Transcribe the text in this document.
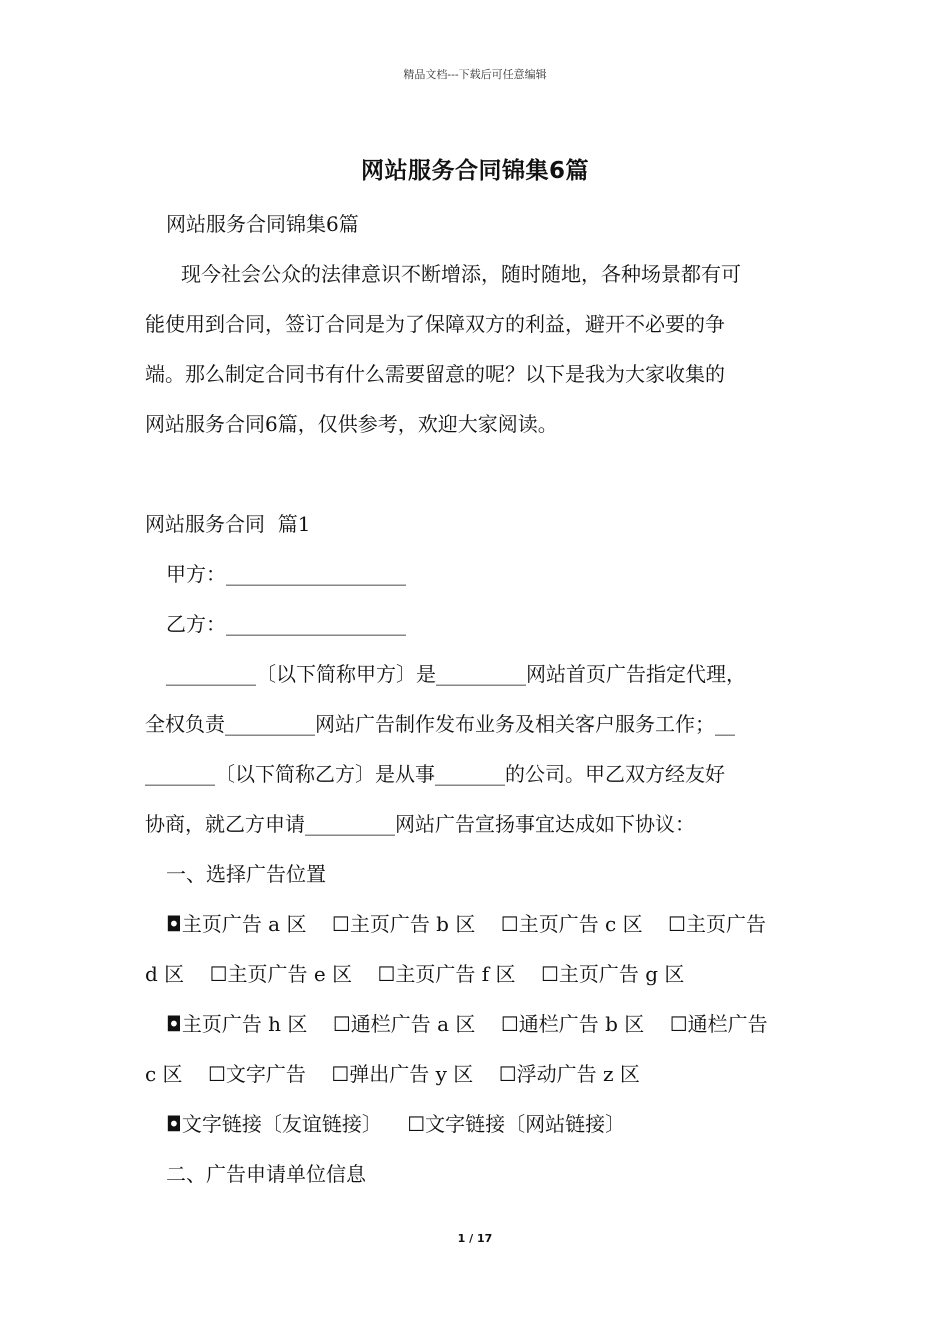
精品文档---下载后可任意编辑
网站服务合同锦集6篇
网站服务合同锦集6篇
现今社会公众的法律意识不断增添，随时随地，各种场景都有可
能使用到合同，签订合同是为了保障双方的利益，避开不必要的争
端。那么制定合同书有什么需要留意的呢？以下是我为大家收集的
网站服务合同6篇，仅供参考，欢迎大家阅读。
网站服务合同  篇1
甲方：__________________
乙方：__________________
_________〔以下简称甲方〕是_________网站首页广告指定代理，
全权负责_________网站广告制作发布业务及相关客户服务工作；__
_______〔以下简称乙方〕是从事_______的公司。甲乙双方经友好
协商，就乙方申请_________网站广告宣扬事宜达成如下协议：
一、选择广告位置
◘主页广告 a 区    ☐主页广告 b 区    ☐主页广告 c 区    ☐主页广告
d 区    ☐主页广告 e 区    ☐主页广告 f 区    ☐主页广告 g 区
◘主页广告 h 区    ☐通栏广告 a 区    ☐通栏广告 b 区    ☐通栏广告
c 区    ☐文字广告    ☐弹出广告 y 区    ☐浮动广告 z 区
◘文字链接〔友谊链接〕    ☐文字链接〔网站链接〕
二、广告申请单位信息
1 / 17
